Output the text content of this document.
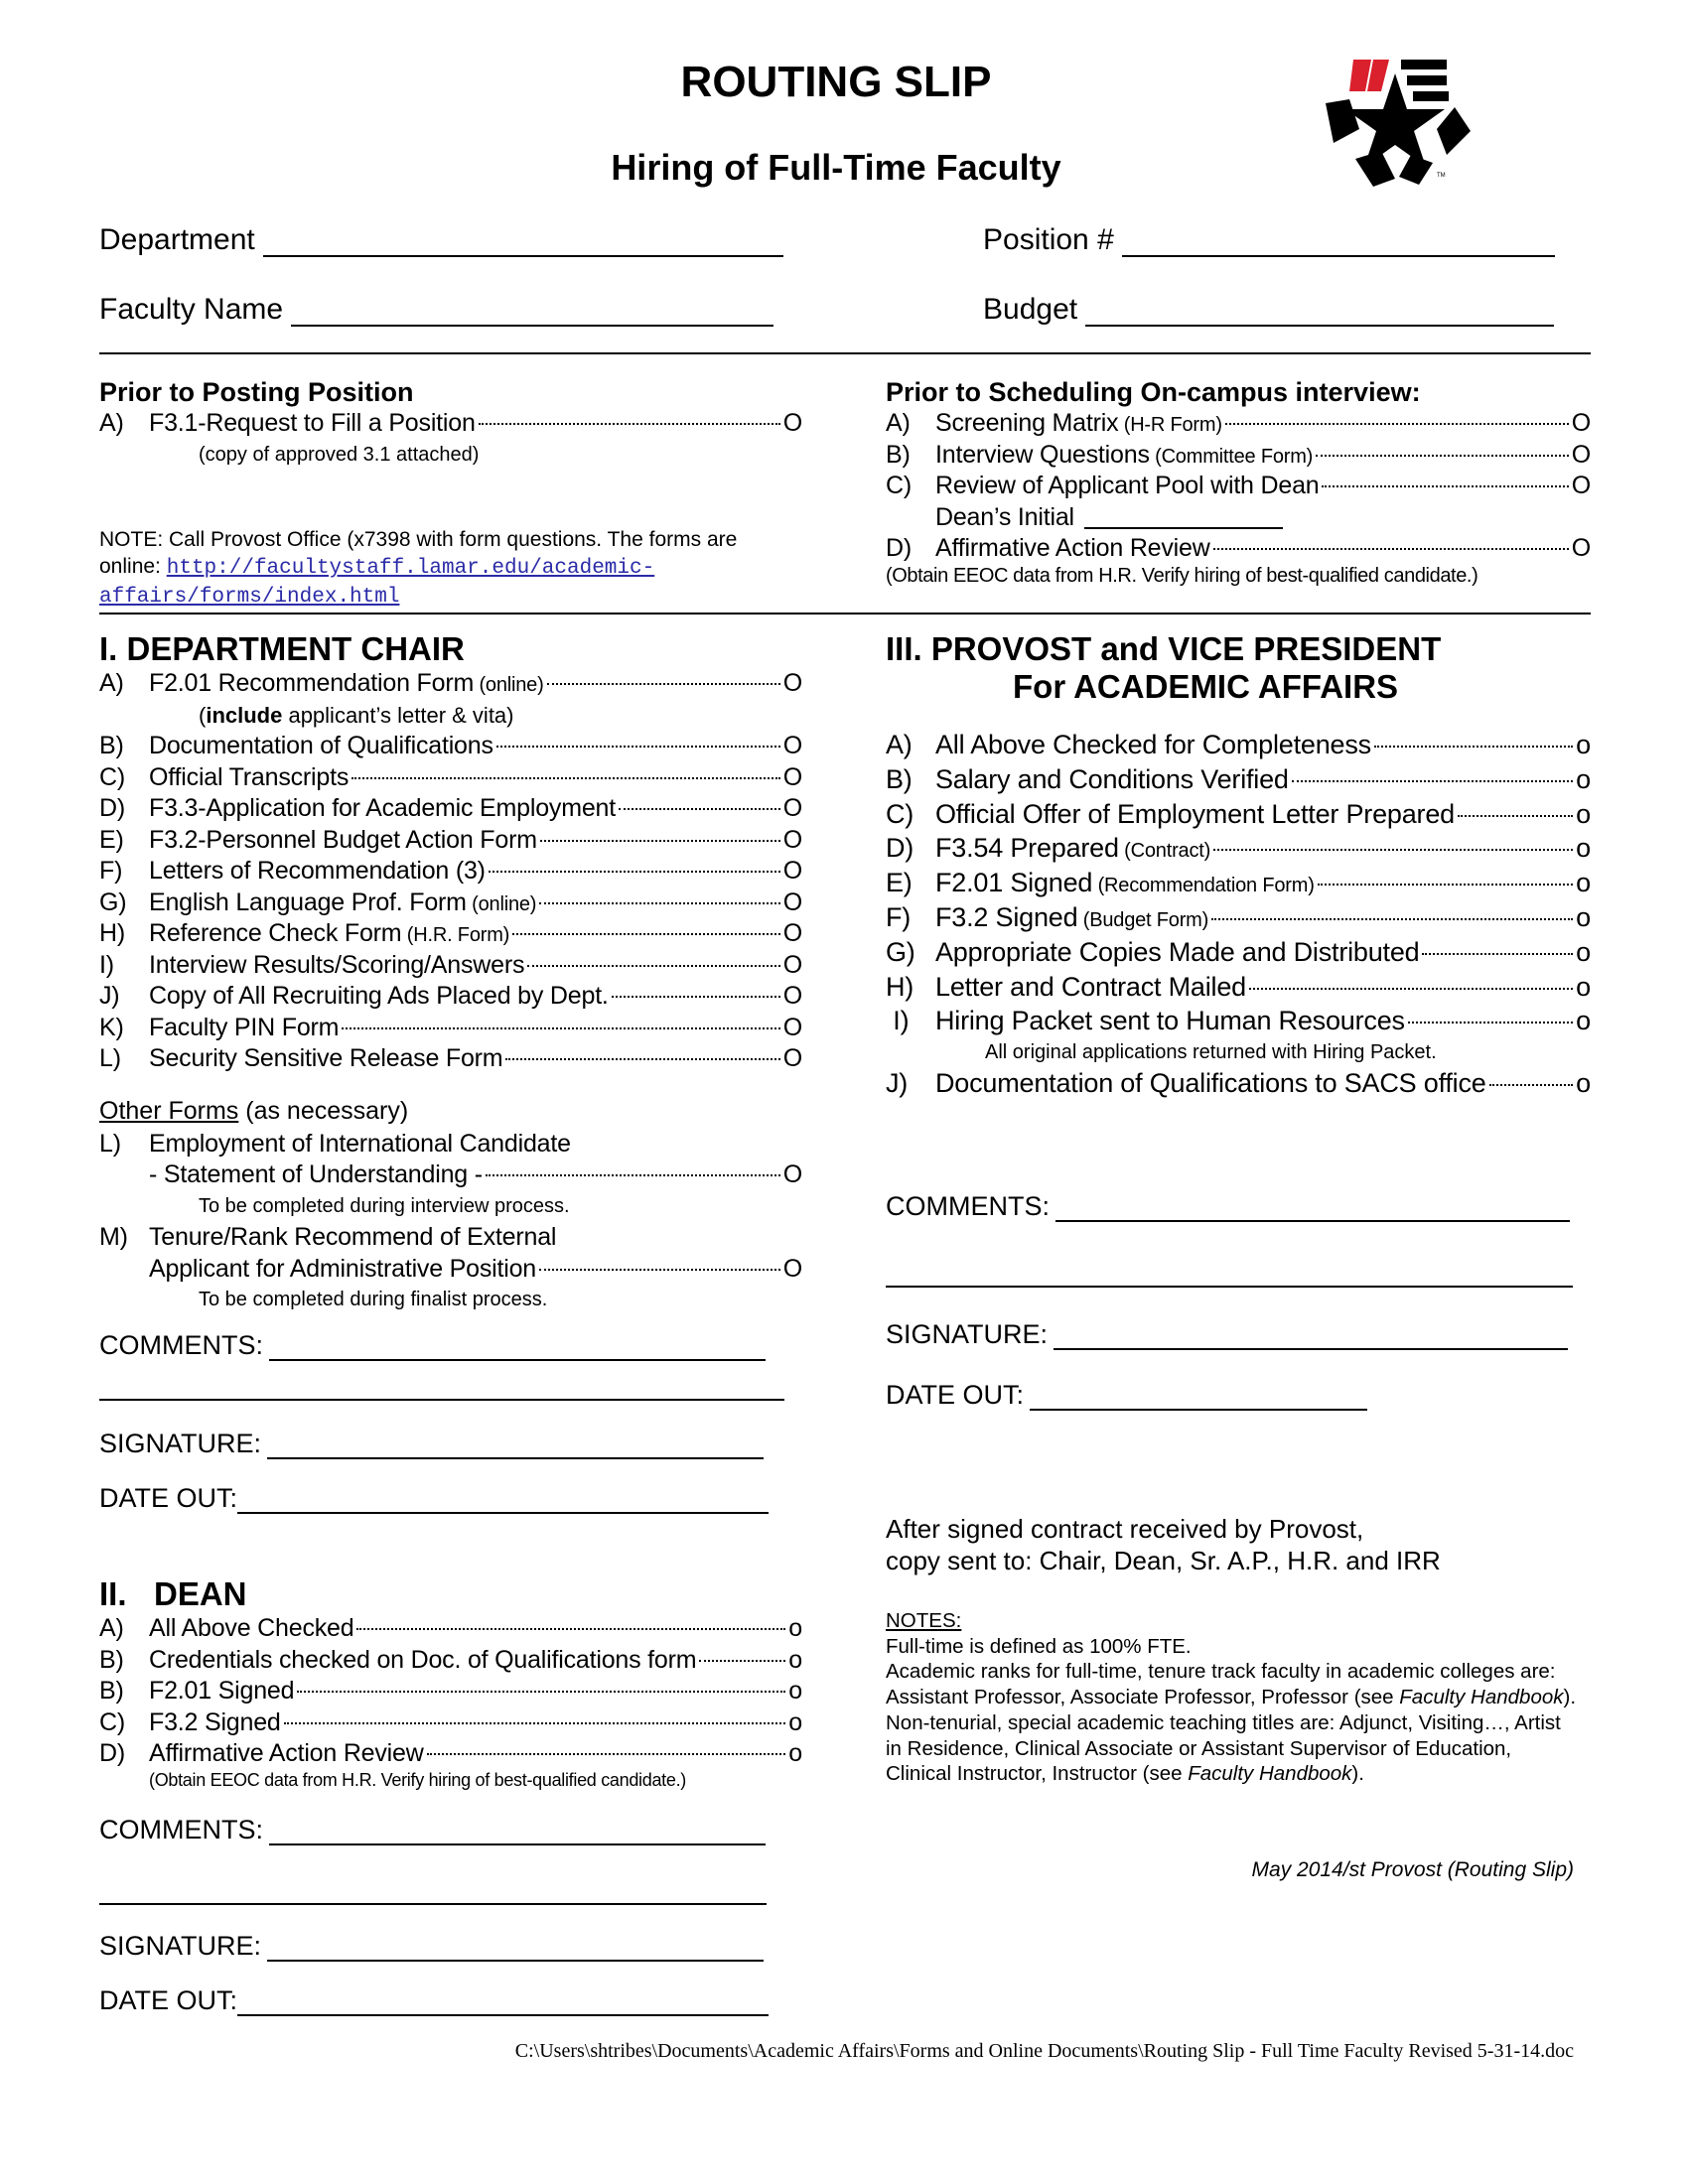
ROUTING SLIP
Hiring of Full-Time Faculty	TM
Department	Position #
Faculty Name	Budget
Prior to Posting Position
A)	F3.1-Request to Fill a Position	O
(copy of approved 3.1 attached)
NOTE: Call Provost Office (x7398 with form questions. The forms are
online: http://facultystaff.lamar.edu/academic-
affairs/forms/index.html
Prior to Scheduling On-campus interview:
A)	Screening Matrix (H-R Form)	O
B)	Interview Questions (Committee Form)	O
C) Review of Applicant Pool with Dean	O
Dean’s Initial
D) Affirmative Action Review	O
(Obtain EEOC data from H.R. Verify hiring of best-qualified candidate.)
I. DEPARTMENT CHAIR
A)	F2.01 Recommendation Form (online)	O
(include applicant’s letter & vita)
B)	Documentation of Qualifications	O
C) Official Transcripts	O
D) F3.3-Application for Academic Employment	O
E)	F3.2-Personnel Budget Action Form	O
F)	Letters of Recommendation (3)	O
G) English Language Prof. Form (online)	O
H) Reference Check Form (H.R. Form)	O
I)	Interview Results/Scoring/Answers	O
J)	Copy of All Recruiting Ads Placed by Dept.	O
K)	Faculty PIN Form	O
L)	Security Sensitive Release Form	O
Other Forms (as necessary)
L)	Employment of International Candidate
- Statement of Understanding -	O
To be completed during interview process.
M) Tenure/Rank Recommend of External
Applicant for Administrative Position	O
To be completed during finalist process.
COMMENTS:
SIGNATURE:
DATE OUT:
II.   DEAN
A)	All Above Checked	o
B)	Credentials checked on Doc. of Qualifications form	o
B)	F2.01 Signed	o
C) F3.2 Signed	o
D) Affirmative Action Review	o
(Obtain EEOC data from H.R. Verify hiring of best-qualified candidate.)
COMMENTS:
SIGNATURE:
DATE OUT:
III. PROVOST and VICE PRESIDENT
For ACADEMIC AFFAIRS
A) All Above Checked for Completeness	o
B) Salary and Conditions Verified	o
C) Official Offer of Employment Letter Prepared	o
D) F3.54 Prepared (Contract)	o
E) F2.01 Signed (Recommendation Form)	o
F) F3.2 Signed (Budget Form)	o
G) Appropriate Copies Made and Distributed	o
H) Letter and Contract Mailed	o
I) Hiring Packet sent to Human Resources	o
All original applications returned with Hiring Packet.
J)	Documentation of Qualifications to SACS office	o
COMMENTS:
SIGNATURE:
DATE OUT:
After signed contract received by Provost,
copy sent to: Chair, Dean, Sr. A.P., H.R. and IRR
NOTES:
Full-time is defined as 100% FTE.
Academic ranks for full-time, tenure track faculty in academic colleges are: Assistant Professor, Associate Professor, Professor (see Faculty Handbook).
Non-tenurial, special academic teaching titles are: Adjunct, Visiting…, Artist in Residence, Clinical Associate or Assistant Supervisor of Education, Clinical Instructor, Instructor (see Faculty Handbook).
May 2014/st Provost (Routing Slip)
C:\Users\shtribes\Documents\Academic Affairs\Forms and Online Documents\Routing Slip - Full Time Faculty Revised 5-31-14.doc
